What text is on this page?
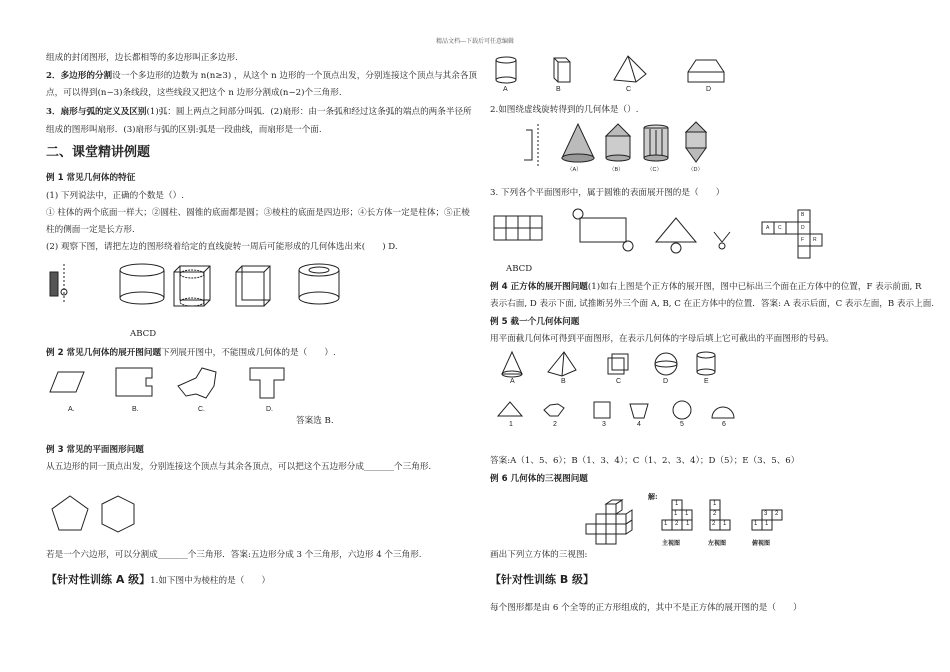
精品文档---下载后可任意编辑
组成的封闭图形，边长都相等的多边形叫正多边形.
2．多边形的分割设一个多边形的边数为 n(n≥3) ，从这个 n 边形的一个顶点出发，分别连接这个顶点与其余各顶
点，可以得到(n−3)条线段，这些线段又把这个 n 边形分割成(n−2)个三角形.
3．扇形与弧的定义及区别(1)弧：圆上两点之间部分叫弧．(2)扇形：由一条弧和经过这条弧的端点的两条半径所
组成的图形叫扇形．(3)扇形与弧的区别:弧是一段曲线，而扇形是一个面.
二、课堂精讲例题
例 1 常见几何体的特征
(1) 下列说法中，正确的个数是（）.
① 柱体的两个底面一样大；②圆柱、圆锥的底面都是圆；③棱柱的底面是四边形；④长方体一定是柱体；⑤正棱
柱的侧面一定是长方形.
(2) 观察下图，请把左边的图形绕着给定的直线旋转一周后可能形成的几何体选出来(　　) D.
ABCD
例 2 常见几何体的展开图问题下列展开图中，不能围成几何体的是（　　）.
A.	B.	C.	D.
答案选 B.
例 3 常见的平面图形问题
从五边形的同一顶点出发，分别连接这个顶点与其余各顶点，可以把这个五边形分成_______个三角形.
若是一个六边形，可以分割成_______个三角形．答案:五边形分成 3 个三角形，六边形 4 个三角形.
【针对性训练 A 级】1.如下图中为棱柱的是（　　）
A	B	C	D
2.如图绕虚线旋转得到的几何体是（）.
（A）	（B）	（C）	（D）
3. 下列各个平面图形中，属于圆锥的表面展开图的是（　　）
ABCD
B
A C	D
F R
例 4 正方体的展开图问题(1)如右上图是个正方体的展开图，图中已标出三个面在正方体中的位置，F 表示前面, R
表示右面, D 表示下面, 试推断另外三个面 A, B, C 在正方体中的位置．答案: A 表示后面，C 表示左面，B 表示上面.
例 5 截一个几何体问题
用平面截几何体可得到平面图形，在表示几何体的字母后填上它可截出的平面图形的号码。
A	B	C	D	E
1	2	3	4	5	6
答案:A（1、5、6）；B（1、3、4）；C（1、2、3、4）；D（5）；E（3、5、6）
例 6 几何体的三视图问题
解:
1
1 1
1 2 1
1
2
2 1
3 2
1 1
主视图	左视图	俯视图
画出下列立方体的三视图:
【针对性训练 B 级】
每个图形都是由 6 个全等的正方形组成的，其中不是正方体的展开图的是（　　）
